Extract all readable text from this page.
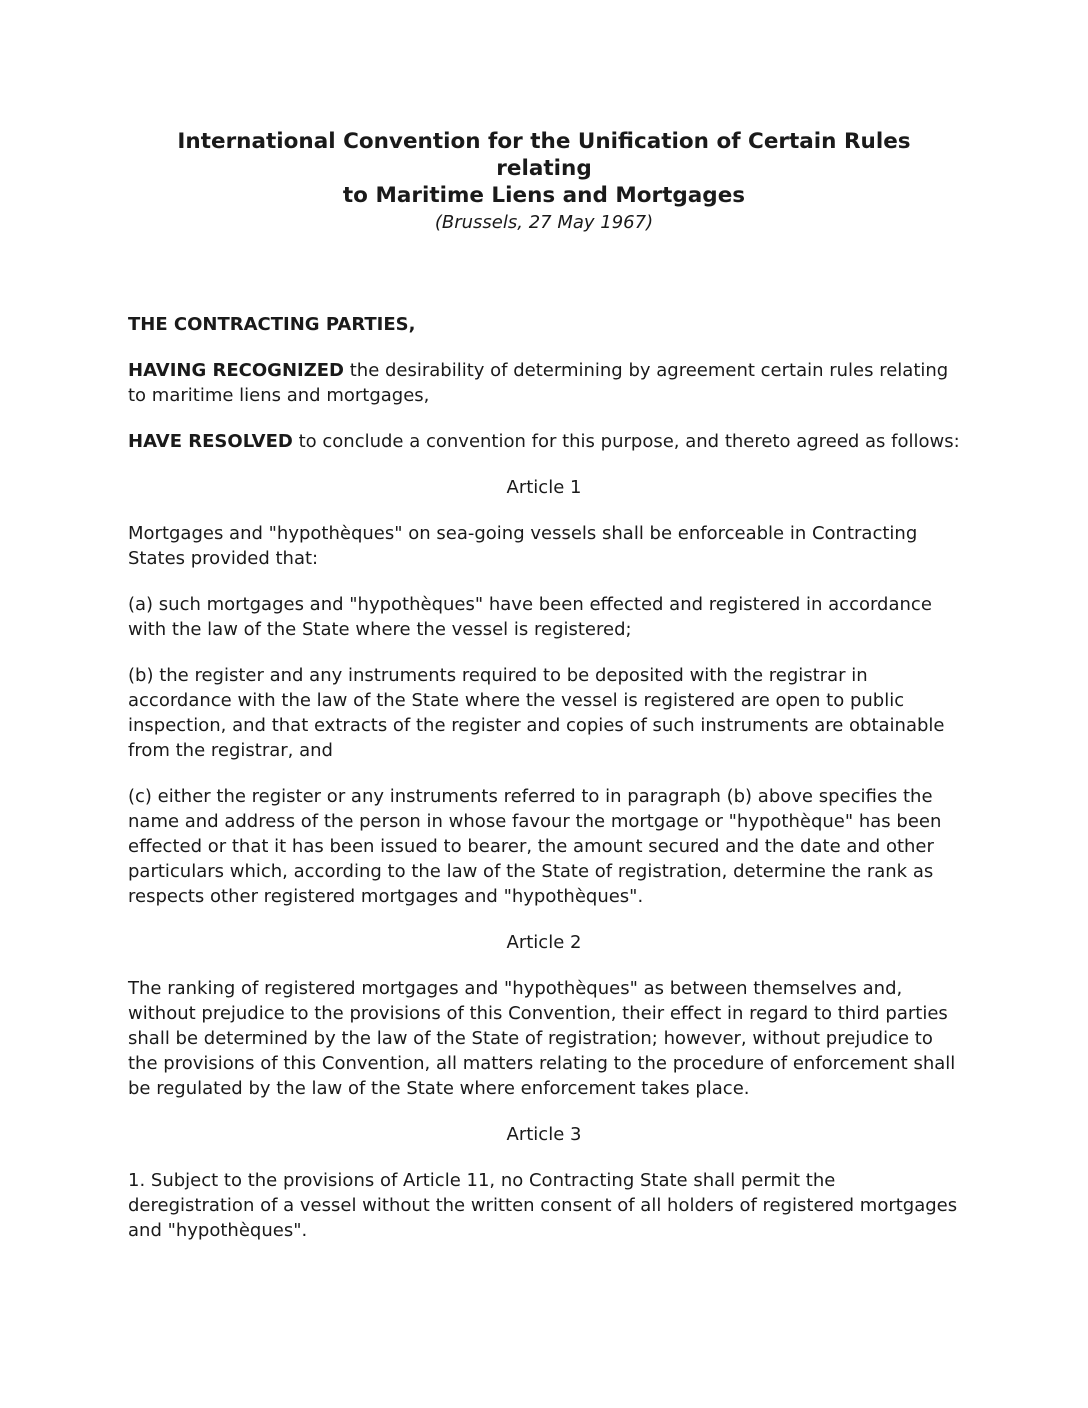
International Convention for the Unification of Certain Rules relating
to Maritime Liens and Mortgages

(Brussels, 27 May 1967)

THE CONTRACTING PARTIES,

HAVING RECOGNIZED the desirability of determining by agreement certain rules relating to maritime liens and mortgages,

HAVE RESOLVED to conclude a convention for this purpose, and thereto agreed as follows:

Article 1

Mortgages and "hypothèques" on sea-going vessels shall be enforceable in Contracting States provided that:

(a) such mortgages and "hypothèques" have been effected and registered in accordance with the law of the State where the vessel is registered;

(b) the register and any instruments required to be deposited with the registrar in accordance with the law of the State where the vessel is registered are open to public inspection, and that extracts of the register and copies of such instruments are obtainable from the registrar, and

(c) either the register or any instruments referred to in paragraph (b) above specifies the name and address of the person in whose favour the mortgage or "hypothèque" has been effected or that it has been issued to bearer, the amount secured and the date and other particulars which, according to the law of the State of registration, determine the rank as respects other registered mortgages and "hypothèques".

Article 2

The ranking of registered mortgages and "hypothèques" as between themselves and, without prejudice to the provisions of this Convention, their effect in regard to third parties shall be determined by the law of the State of registration; however, without prejudice to the provisions of this Convention, all matters relating to the procedure of enforcement shall be regulated by the law of the State where enforcement takes place.

Article 3

1. Subject to the provisions of Article 11, no Contracting State shall permit the deregistration of a vessel without the written consent of all holders of registered mortgages and "hypothèques".
